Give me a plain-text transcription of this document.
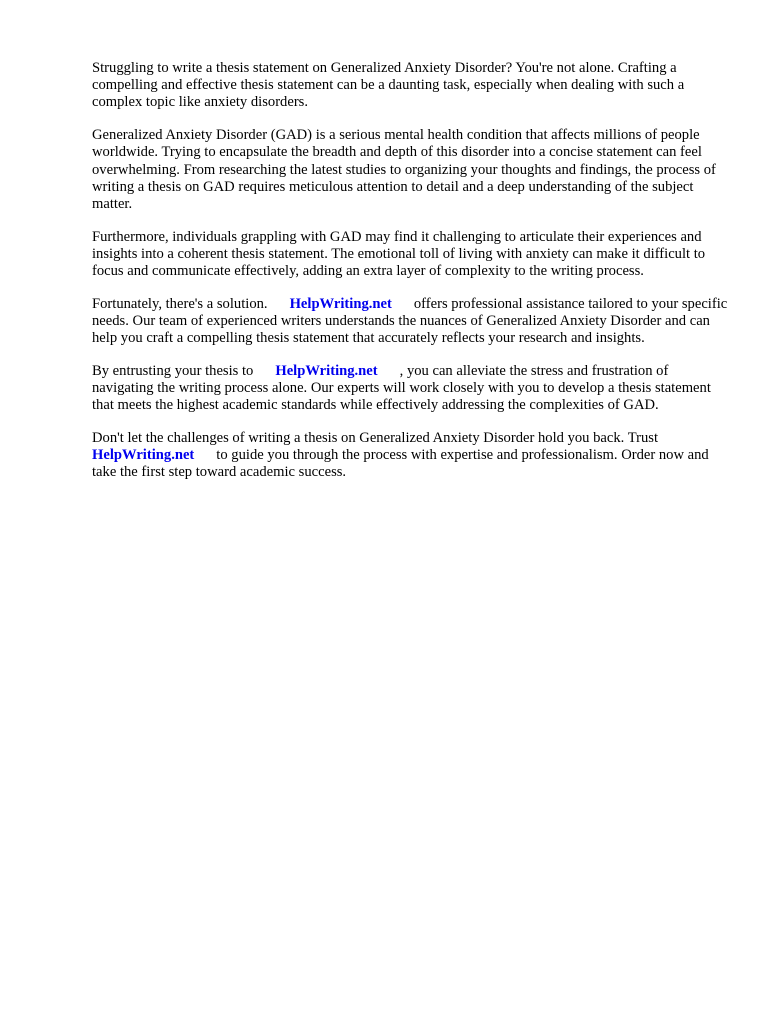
Struggling to write a thesis statement on Generalized Anxiety Disorder? You're not alone. Crafting a compelling and effective thesis statement can be a daunting task, especially when dealing with such a complex topic like anxiety disorders.

Generalized Anxiety Disorder (GAD) is a serious mental health condition that affects millions of people worldwide. Trying to encapsulate the breadth and depth of this disorder into a concise statement can feel overwhelming. From researching the latest studies to organizing your thoughts and findings, the process of writing a thesis on GAD requires meticulous attention to detail and a deep understanding of the subject matter.

Furthermore, individuals grappling with GAD may find it challenging to articulate their experiences and insights into a coherent thesis statement. The emotional toll of living with anxiety can make it difficult to focus and communicate effectively, adding an extra layer of complexity to the writing process.

Fortunately, there's a solution. HelpWriting.net offers professional assistance tailored to your specific needs. Our team of experienced writers understands the nuances of Generalized Anxiety Disorder and can help you craft a compelling thesis statement that accurately reflects your research and insights.

By entrusting your thesis to HelpWriting.net , you can alleviate the stress and frustration of navigating the writing process alone. Our experts will work closely with you to develop a thesis statement that meets the highest academic standards while effectively addressing the complexities of GAD.

Don't let the challenges of writing a thesis on Generalized Anxiety Disorder hold you back. Trust HelpWriting.net to guide you through the process with expertise and professionalism. Order now and take the first step toward academic success.
